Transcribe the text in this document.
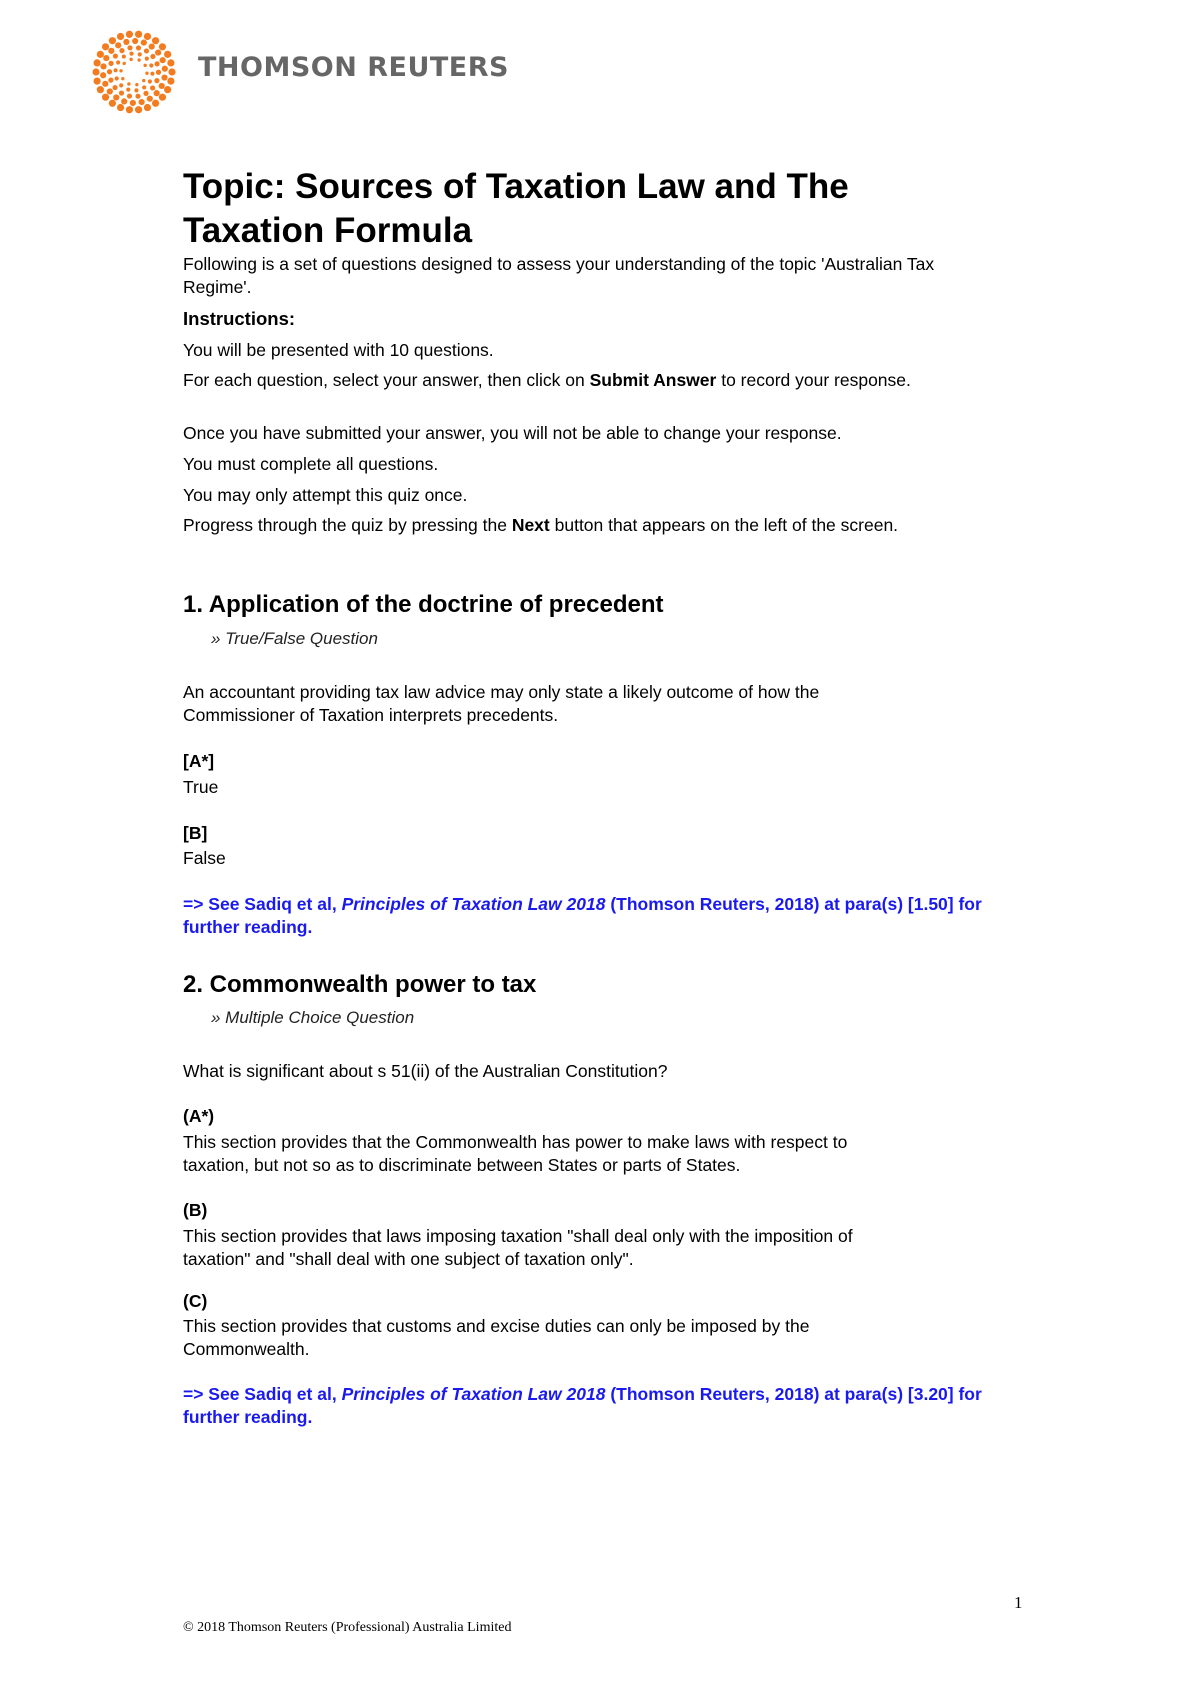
THOMSON REUTERS
Topic: Sources of Taxation Law and The Taxation Formula

Following is a set of questions designed to assess your understanding of the topic 'Australian Tax Regime'.

Instructions:

You will be presented with 10 questions.

For each question, select your answer, then click on Submit Answer to record your response.

Once you have submitted your answer, you will not be able to change your response.

You must complete all questions.

You may only attempt this quiz once.

Progress through the quiz by pressing the Next button that appears on the left of the screen.

1. Application of the doctrine of precedent
» True/False Question

An accountant providing tax law advice may only state a likely outcome of how the Commissioner of Taxation interprets precedents.

[A*]
True
[B]
False

=> See Sadiq et al, Principles of Taxation Law 2018 (Thomson Reuters, 2018) at para(s) [1.50] for further reading.

2. Commonwealth power to tax
» Multiple Choice Question

What is significant about s 51(ii) of the Australian Constitution?

(A*)

This section provides that the Commonwealth has power to make laws with respect to taxation, but not so as to discriminate between States or parts of States.

(B)

This section provides that laws imposing taxation "shall deal only with the imposition of taxation" and "shall deal with one subject of taxation only".

(C)

This section provides that customs and excise duties can only be imposed by the Commonwealth.

=> See Sadiq et al, Principles of Taxation Law 2018 (Thomson Reuters, 2018) at para(s) [3.20] for further reading.

1
© 2018 Thomson Reuters (Professional) Australia Limited
